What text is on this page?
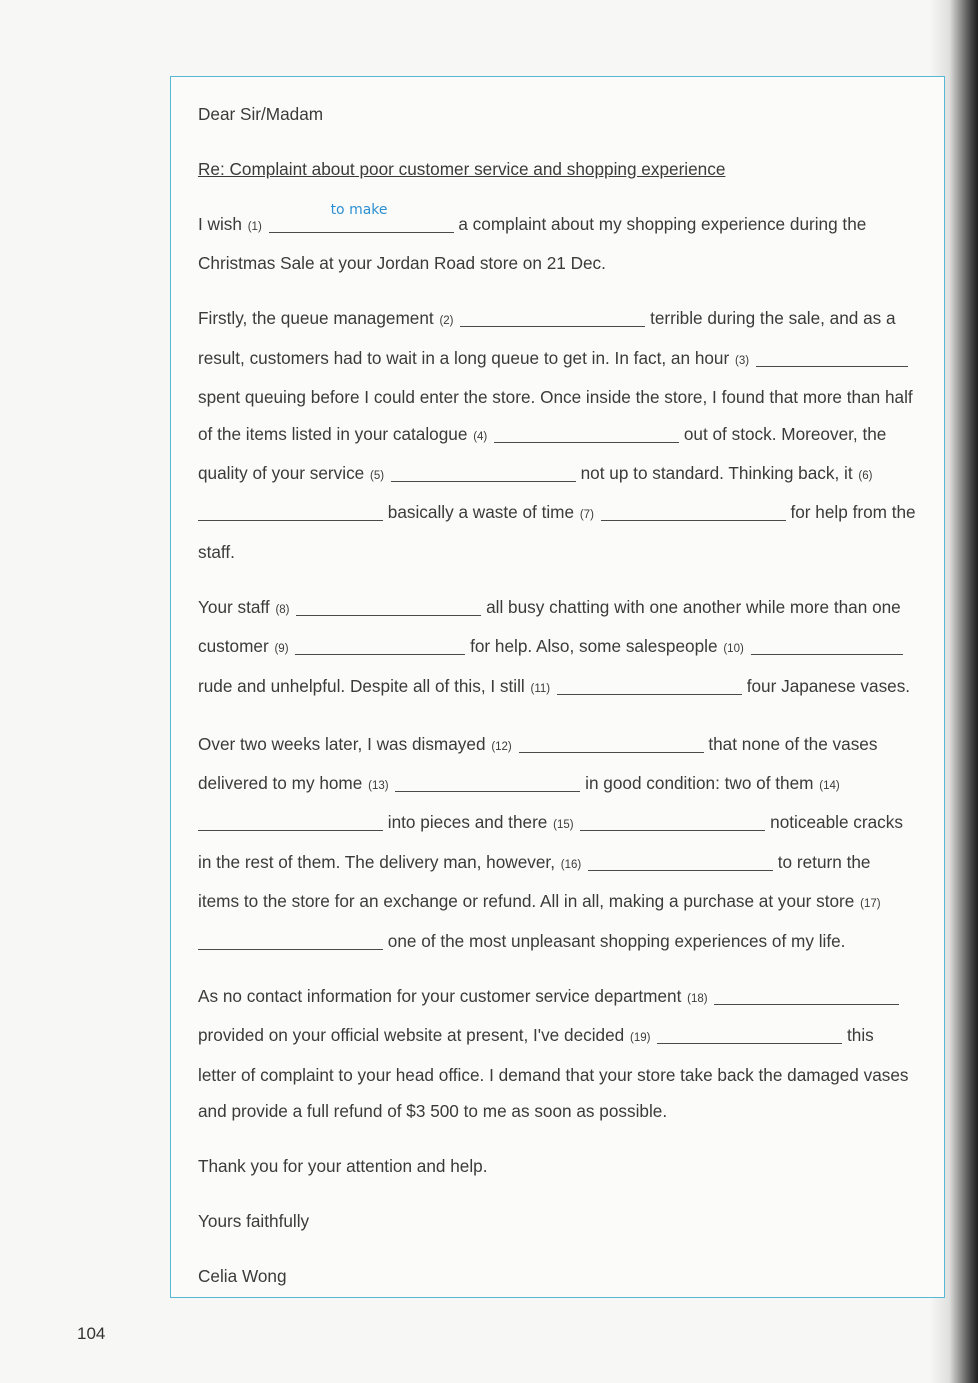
Dear Sir/Madam

Re: Complaint about poor customer service and shopping experience

I wish (1)
to make
a complaint about my shopping experience during the Christmas Sale at your Jordan Road store on 21 Dec.

Firstly, the queue management (2)	terrible during the sale, and as a result, customers had to wait in a long queue to get in. In fact, an hour (3)  spent queuing before I could enter the store. Once inside the store, I found that more than half of the items listed in your catalogue (4)	out of stock. Moreover, the quality of your service (5)	not up to standard. Thinking back, it (6)  basically a waste of time (7)	for help from the staff.

Your staff (8)	all busy chatting with one another while more than one customer (9)	for help. Also, some salespeople (10)  rude and unhelpful. Despite all of this, I still (11)	four Japanese vases.

Over two weeks later, I was dismayed (12)	that none of the vases delivered to my home (13)	in good condition: two of them (14)  into pieces and there (15)	noticeable cracks in the rest of them. The delivery man, however, (16)	to return the items to the store for an exchange or refund. All in all, making a purchase at your store (17)  one of the most unpleasant shopping experiences of my life.

As no contact information for your customer service department (18)  provided on your official website at present, I've decided (19)	this letter of complaint to your head office. I demand that your store take back the damaged vases and provide a full refund of $3 500 to me as soon as possible.

Thank you for your attention and help.

Yours faithfully

Celia Wong

104
